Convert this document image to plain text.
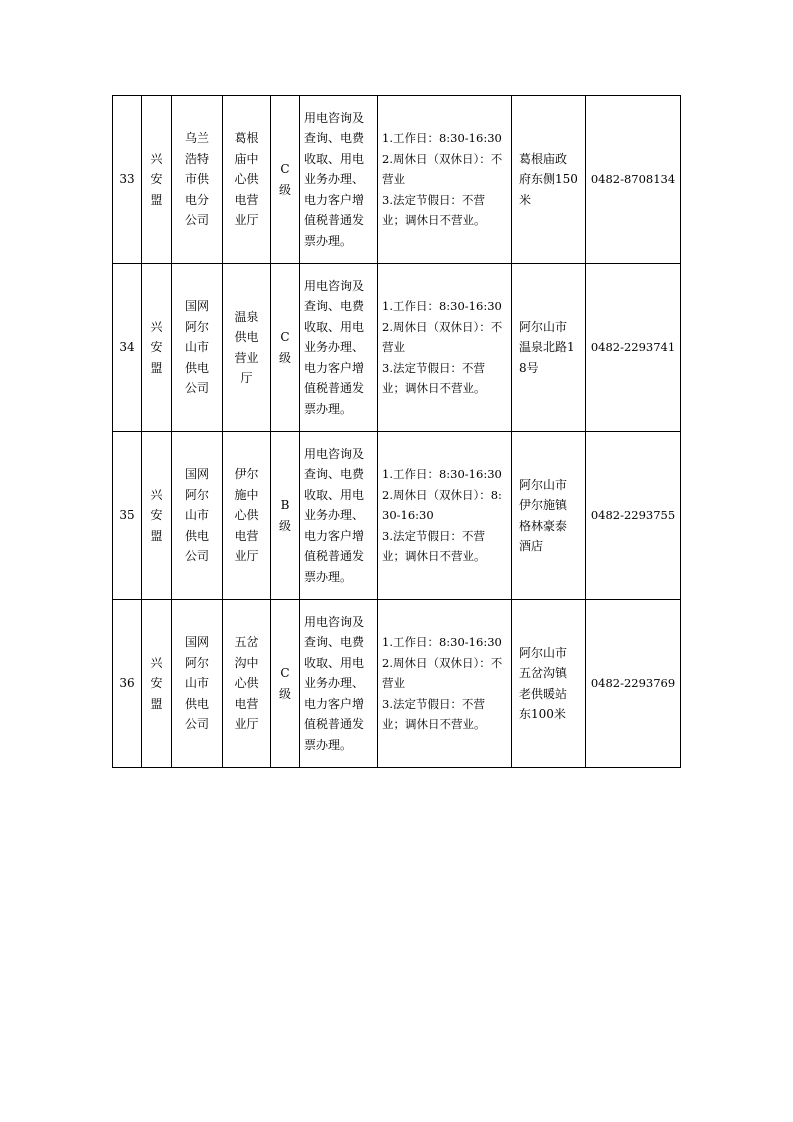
33	兴安盟	乌兰浩特市供电分公司	葛根庙中心供电营业厅	C级	用电咨询及查询、电费收取、用电业务办理、电力客户增值税普通发票办理。	1.工作日：8:30-16:30
2.周休日（双休日）：不营业
3.法定节假日：不营业；调休日不营业。	葛根庙政府东侧150米	0482-8708134
34	兴安盟	国网阿尔山市供电公司	温泉供电营业厅	C级	用电咨询及查询、电费收取、用电业务办理、电力客户增值税普通发票办理。	1.工作日：8:30-16:30
2.周休日（双休日）：不营业
3.法定节假日：不营业；调休日不营业。	阿尔山市温泉北路18号	0482-2293741
35	兴安盟	国网阿尔山市供电公司	伊尔施中心供电营业厅	B级	用电咨询及查询、电费收取、用电业务办理、电力客户增值税普通发票办理。	1.工作日：8:30-16:30
2.周休日（双休日）：8:30-16:30
3.法定节假日：不营业；调休日不营业。	阿尔山市伊尔施镇格林豪泰酒店	0482-2293755
36	兴安盟	国网阿尔山市供电公司	五岔沟中心供电营业厅	C级	用电咨询及查询、电费收取、用电业务办理、电力客户增值税普通发票办理。	1.工作日：8:30-16:30
2.周休日（双休日）：不营业
3.法定节假日：不营业；调休日不营业。	阿尔山市五岔沟镇老供暖站东100米	0482-2293769
